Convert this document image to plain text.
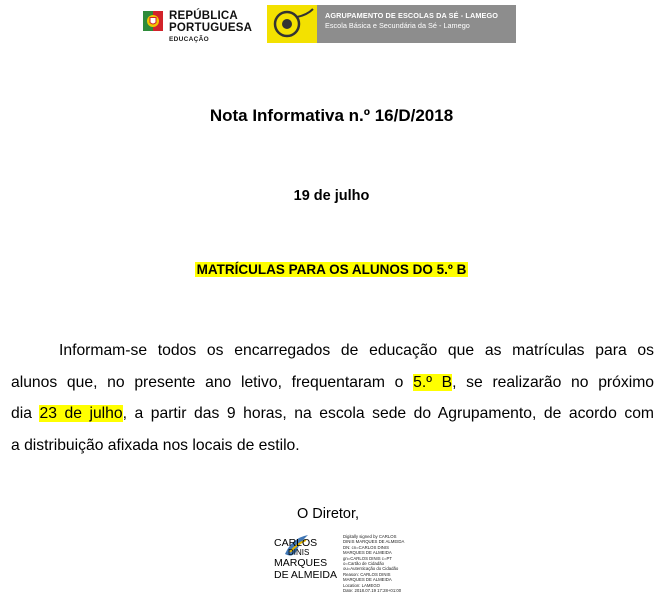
REPÚBLICA
PORTUGUESA
EDUCAÇÃO
AGRUPAMENTO DE ESCOLAS DA SÉ - LAMEGO
Escola Básica e Secundária da Sé - Lamego
Nota Informativa n.º 16/D/2018
19 de julho
MATRÍCULAS PARA OS ALUNOS DO 5.º B
Informam-se todos os encarregados de educação que as matrículas para os
alunos que, no presente ano letivo, frequentaram o 5.º B, se realizarão no próximo
dia 23 de julho, a partir das 9 horas, na escola sede do Agrupamento, de acordo com
a distribuição afixada nos locais de estilo.
O Diretor,
CARLOS
DINIS
MARQUES
DE ALMEIDA
Digitally signed by CARLOS
DINIS MARQUES DE ALMEIDA
DN: cn=CARLOS DINIS
MARQUES DE ALMEIDA
gn=CARLOS DINIS c=PT
o=Cartão de Cidadão
ou=Autenticação do Cidadão
Reason: CARLOS DINIS
MARQUES DE ALMEIDA
Location: LAMEGO
Date: 2018.07.19 17:28+01:00
